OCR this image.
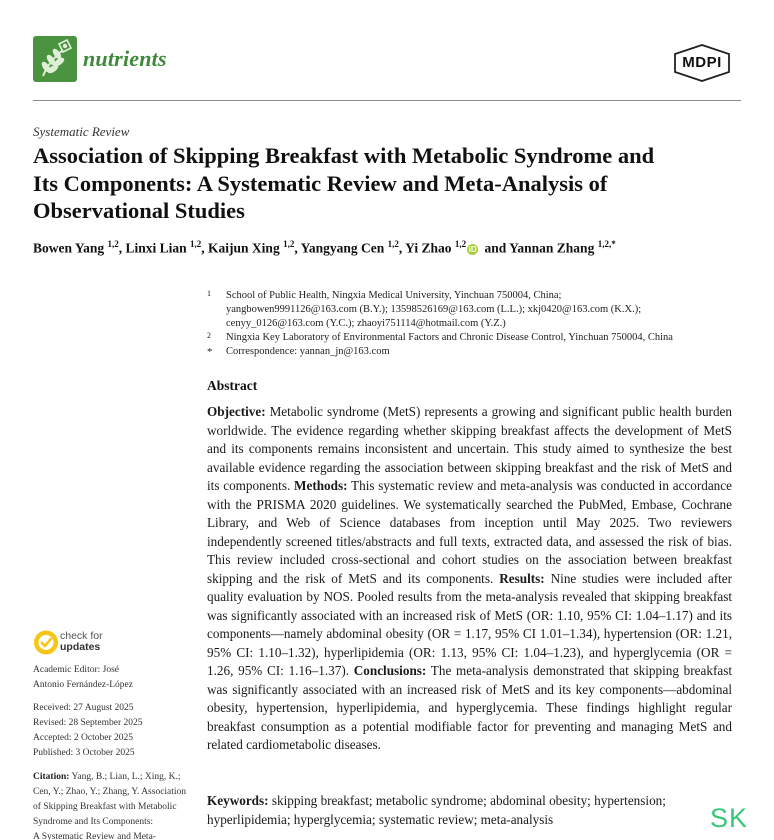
nutrients	MDPI
Systematic Review
Association of Skipping Breakfast with Metabolic Syndrome and
Its Components: A Systematic Review and Meta-Analysis of
Observational Studies
Bowen Yang $^{1,2}$, Linxi Lian $^{1,2}$, Kaijun Xing $^{1,2}$, Yangyang Cen $^{1,2}$, Yi Zhao $^{1,2}$ iD and Yannan Zhang $^{1,2,*}$
1 School of Public Health, Ningxia Medical University, Yinchuan 750004, China;
yangbowen9991126@163.com (B.Y.); 13598526169@163.com (L.L.); xkj0420@163.com (K.X.);
cenyy_0126@163.com (Y.C.); zhaoyi751114@hotmail.com (Y.Z.)
2 Ningxia Key Laboratory of Environmental Factors and Chronic Disease Control, Yinchuan 750004, China
* Correspondence: yannan_jn@163.com
Abstract
Objective: Metabolic syndrome (MetS) represents a growing and significant public health burden worldwide. The evidence regarding whether skipping breakfast affects the development of MetS and its components remains inconsistent and uncertain. This study aimed to synthesize the best available evidence regarding the association between skipping breakfast and the risk of MetS and its components. Methods: This systematic review and meta-analysis was conducted in accordance with the PRISMA 2020 guidelines. We systematically searched the PubMed, Embase, Cochrane Library, and Web of Science databases from inception until May 2025. Two reviewers independently screened titles/abstracts and full texts, extracted data, and assessed the risk of bias. This review included cross-sectional and cohort studies on the association between breakfast skipping and the risk of MetS and its components. Results: Nine studies were included after quality evaluation by NOS. Pooled results from the meta-analysis revealed that skipping breakfast was significantly associated with an increased risk of MetS (OR: 1.10, 95% CI: 1.04–1.17) and its components—namely abdominal obesity (OR = 1.17, 95% CI 1.01–1.34), hypertension (OR: 1.21, 95% CI: 1.10–1.32), hyperlipidemia (OR: 1.13, 95% CI: 1.04–1.23), and hyperglycemia (OR = 1.26, 95% CI: 1.16–1.37). Conclusions: The meta-analysis demonstrated that skipping breakfast was significantly associated with an increased risk of MetS and its key components—abdominal obesity, hypertension, hyperlipidemia, and hyperglycemia. These findings highlight regular breakfast consumption as a potential modifiable factor for preventing and managing MetS and related cardiometabolic diseases.
Keywords: skipping breakfast; metabolic syndrome; abdominal obesity; hypertension; hyperlipidemia; hyperglycemia; systematic review; meta-analysis
check for
updates
Academic Editor: José
Antonio Fernández-López
Received: 27 August 2025
Revised: 28 September 2025
Accepted: 2 October 2025
Published: 3 October 2025
Citation: Yang, B.; Lian, L.; Xing, K.;
Cen, Y.; Zhao, Y.; Zhang, Y. Association
of Skipping Breakfast with Metabolic
Syndrome and Its Components:
A Systematic Review and Meta-
SK
